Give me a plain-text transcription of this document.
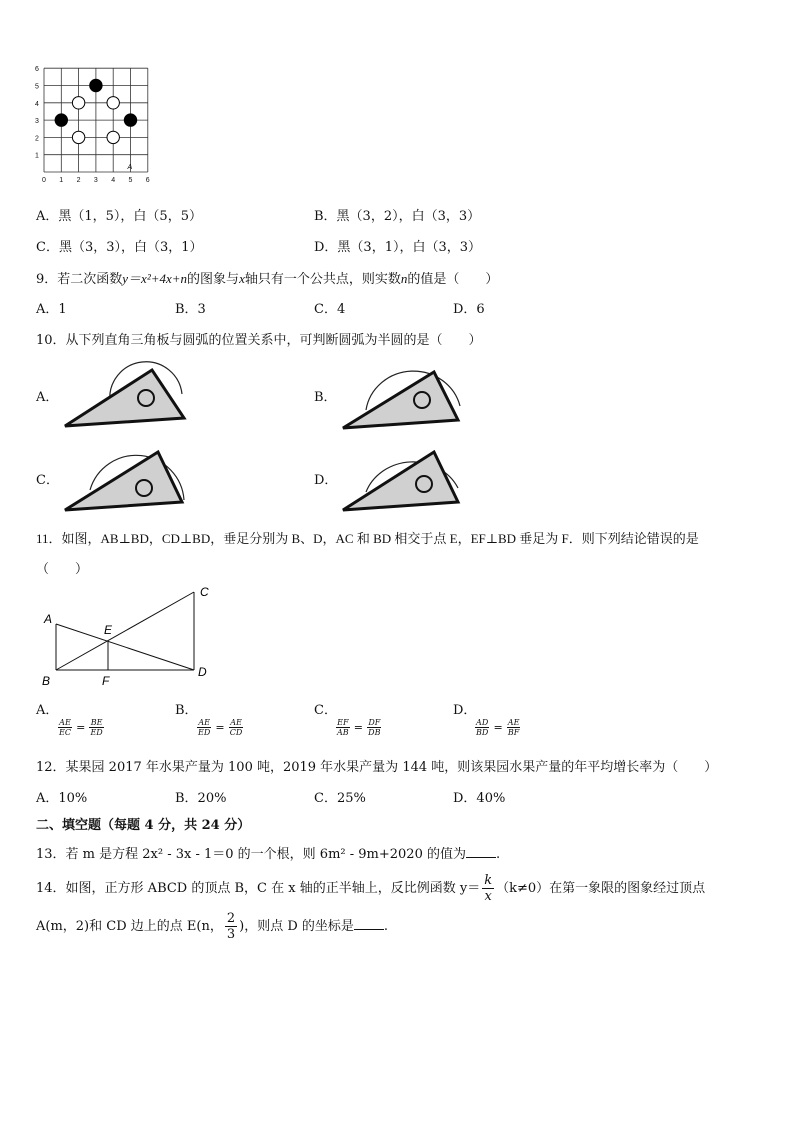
0 1 2 3 4 5 6
1
2
3
4
5
6
A
A．黑（1，5），白（5，5）	B．黑（3，2），白（3，3）
C．黑（3，3），白（3，1）	D．黑（3，1），白（3，3）
9．若二次函数y＝x²+4x+n的图象与x轴只有一个公共点，则实数n的值是（　　）
A．1	B．3	C．4	D．6
10．从下列直角三角板与圆弧的位置关系中，可判断圆弧为半圆的是（　　）
A．	B．
C．	D．
11．如图，AB⊥BD，CD⊥BD，垂足分别为 B、D，AC 和 BD 相交于点 E，EF⊥BD 垂足为 F．则下列结论错误的是
（　　）
A
B
C
D
E
F
A．

$\frac{AE}{EC} = \frac{BE}{ED}$
B．

$\frac{AE}{ED} = \frac{AE}{CD}$
C．

$\frac{EF}{AB} = \frac{DF}{DB}$
D．

$\frac{AD}{BD} = \frac{AE}{BF}$
12．某果园 2017 年水果产量为 100 吨，2019 年水果产量为 144 吨，则该果园水果产量的年平均增长率为（　　）
A．10%	B．20%	C．25%	D．40%
二、填空题（每题 4 分，共 24 分）
13．若 m 是方程 2x² - 3x - 1＝0 的一个根，则 6m² - 9m+2020 的值为 .
14．如图，正方形 ABCD 的顶点 B，C 在 x 轴的正半轴上，反比例函数 $y= \frac{k}{x} (k\ne 0)$在第一象限的图象经过顶点
A(m，2)和 CD 边上的点 E(n， $\frac{2}{3}$ )，则点 D 的坐标是 .
